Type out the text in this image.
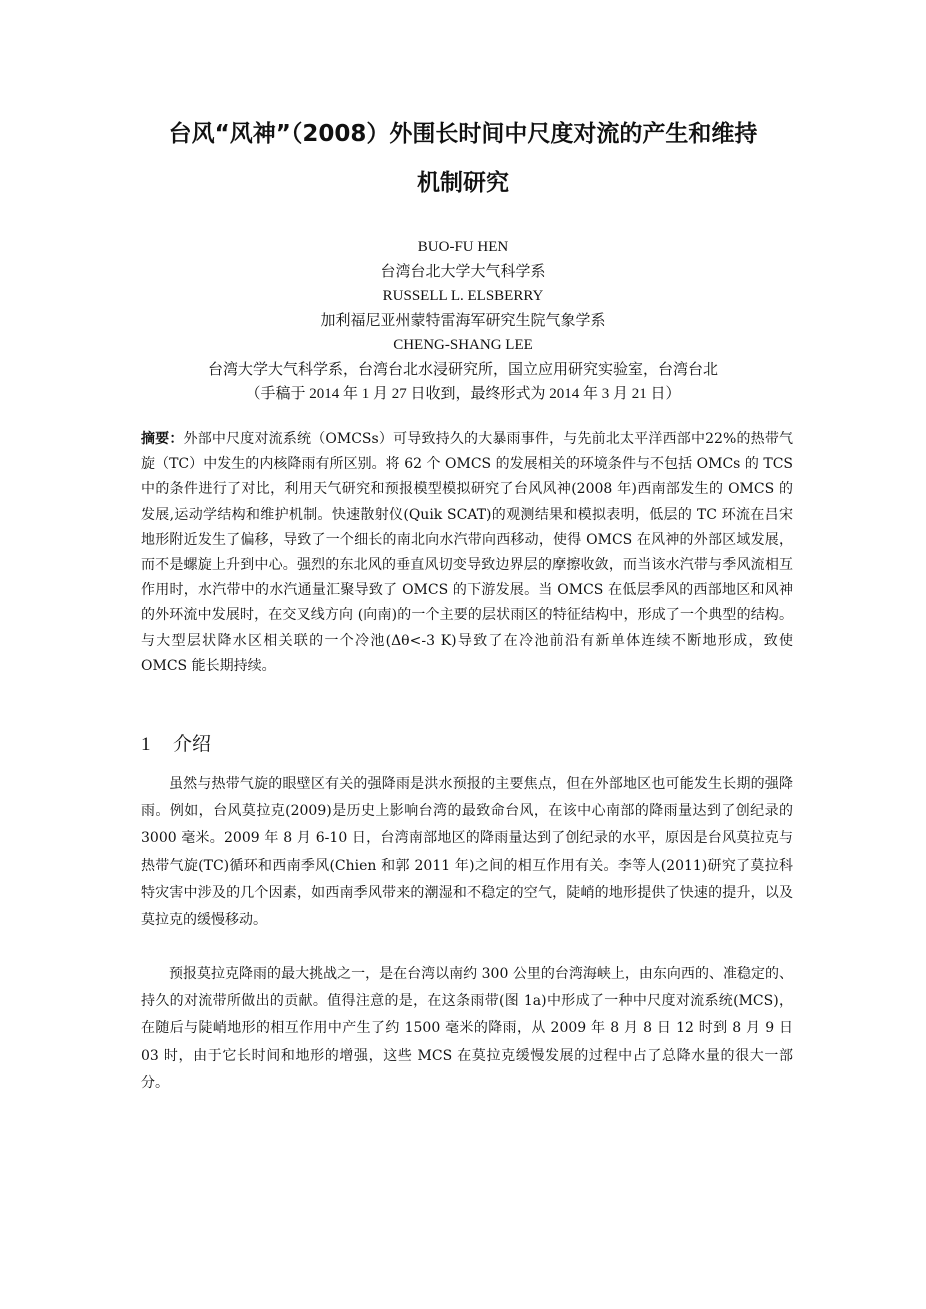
台风“风神”（2008）外围长时间中尺度对流的产生和维持
机制研究
BUO-FU HEN
台湾台北大学大气科学系
RUSSELL L. ELSBERRY
加利福尼亚州蒙特雷海军研究生院气象学系
CHENG-SHANG LEE
台湾大学大气科学系，台湾台北水浸研究所，国立应用研究实验室，台湾台北
（手稿于 2014 年 1 月 27 日收到，最终形式为 2014 年 3 月 21 日）

摘要：外部中尺度对流系统（OMCSs）可导致持久的大暴雨事件，与先前北太平洋西部中22%的热带气旋（TC）中发生的内核降雨有所区别。将 62 个 OMCS 的发展相关的环境条件与不包括 OMCs 的 TCS 中的条件进行了对比，利用天气研究和预报模型模拟研究了台风风神(2008 年)西南部发生的 OMCS 的发展,运动学结构和维护机制。快速散射仪(Quik SCAT)的观测结果和模拟表明，低层的 TC 环流在吕宋地形附近发生了偏移，导致了一个细长的南北向水汽带向西移动，使得 OMCS 在风神的外部区域发展，而不是螺旋上升到中心。强烈的东北风的垂直风切变导致边界层的摩擦收敛，而当该水汽带与季风流相互作用时，水汽带中的水汽通量汇聚导致了 OMCS 的下游发展。当 OMCS 在低层季风的西部地区和风神的外环流中发展时，在交叉线方向 (向南)的一个主要的层状雨区的特征结构中，形成了一个典型的结构。与大型层状降水区相关联的一个冷池(Δθ<-3 K)导致了在冷池前沿有新单体连续不断地形成，致使 OMCS 能长期持续。

1 介绍

虽然与热带气旋的眼壁区有关的强降雨是洪水预报的主要焦点，但在外部地区也可能发生长期的强降雨。例如，台风莫拉克(2009)是历史上影响台湾的最致命台风，在该中心南部的降雨量达到了创纪录的 3000 毫米。2009 年 8 月 6-10 日，台湾南部地区的降雨量达到了创纪录的水平，原因是台风莫拉克与热带气旋(TC)循环和西南季风(Chien 和郭 2011 年)之间的相互作用有关。李等人(2011)研究了莫拉科特灾害中涉及的几个因素，如西南季风带来的潮湿和不稳定的空气，陡峭的地形提供了快速的提升，以及莫拉克的缓慢移动。

预报莫拉克降雨的最大挑战之一，是在台湾以南约 300 公里的台湾海峡上，由东向西的、准稳定的、持久的对流带所做出的贡献。值得注意的是，在这条雨带(图 1a)中形成了一种中尺度对流系统(MCS)，在随后与陡峭地形的相互作用中产生了约 1500 毫米的降雨，从 2009 年 8 月 8 日 12 时到 8 月 9 日 03 时，由于它长时间和地形的增强，这些 MCS 在莫拉克缓慢发展的过程中占了总降水量的很大一部分。
